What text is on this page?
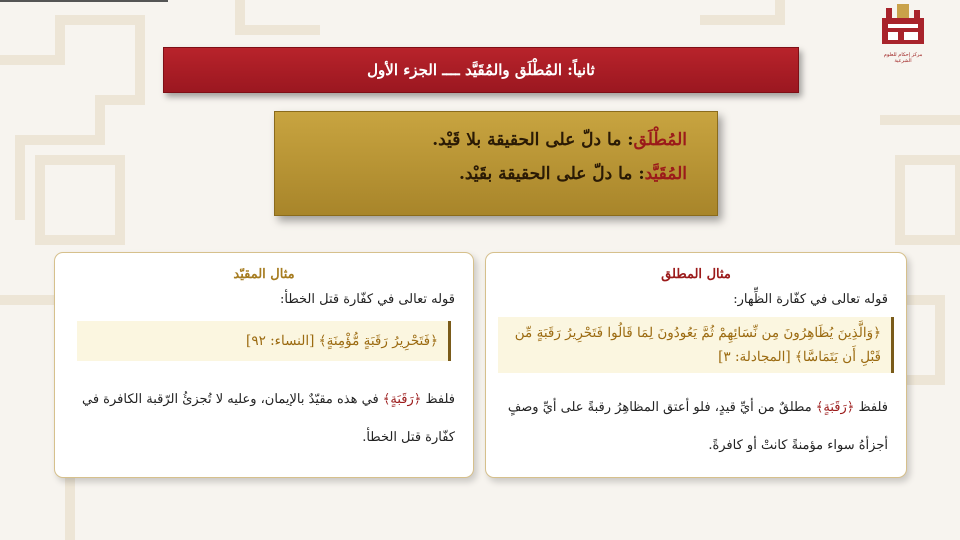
مركز إحكام للعلوم الشرعية
ثانياً: المُطْلَق والمُقَيَّد ــــ الجزء الأول
المُطْلَق: ما دلّ على الحقيقة بلا قَيْد.
المُقَيَّد: ما دلّ على الحقيقة بقَيْد.
مثال المطلق
قوله تعالى في كفّارة الظِّهار:
﴿وَالَّذِينَ يُظَاهِرُونَ مِن نِّسَائِهِمْ ثُمَّ يَعُودُونَ لِمَا قَالُوا فَتَحْرِيرُ رَقَبَةٍ مِّن قَبْلِ أَن يَتَمَاسَّا﴾ [المجادلة: ٣]
فلفظ ﴿رَقَبَةٍ﴾ مطلقٌ من أيِّ قيدٍ، فلو أعتق المظاهِرُ رقبةً على أيِّ وصفٍ أجزأهُ سواء مؤمنةً كانتْ أو كافرةً.
مثال المقيّد
قوله تعالى في كفّارة قتل الخطأ:
﴿فَتَحْرِيرُ رَقَبَةٍ مُّؤْمِنَةٍ﴾ [النساء: ٩٢]
فلفظ ﴿رَقَبَةٍ﴾ في هذه مقيّدٌ بالإيمان، وعليه لا تُجزئُ الرّقبة الكافرة في كفّارة قتل الخطأ.
